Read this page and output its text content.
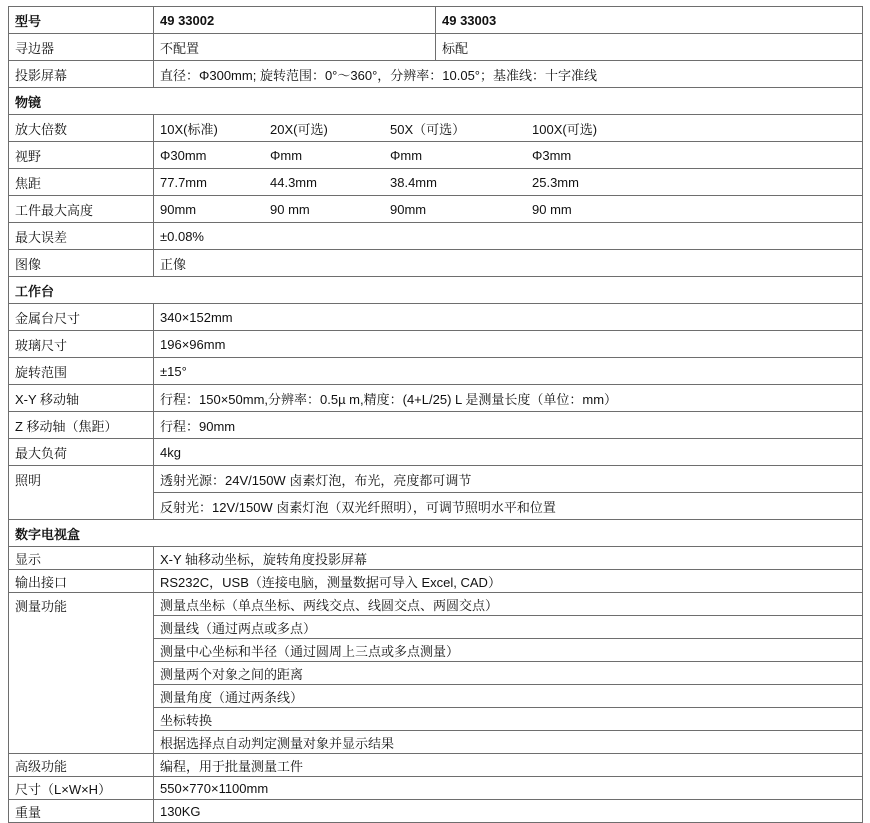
型号	49 33002	49 33003
寻边器	不配置	标配
投影屏幕	直径：Φ300mm; 旋转范围：0°～360°，分辨率：10.05°；基准线：十字准线	
物镜		
放大倍数	10X(标准) 20X(可选) 50X（可选） 100X(可选)	

视野	Φ30mm Φmm Φmm Φ3mm	

焦距	77.7mm 44.3mm 38.4mm 25.3mm	

工件最大高度	90mm 90 mm 90mm 90 mm	

最大误差	±0.08%	
图像	正像	
工作台		
金属台尺寸	340×152mm	
玻璃尺寸	196×96mm	
旋转范围	±15°	
X-Y 移动轴	行程：150×50mm,分辨率：0.5µ m,精度：(4+L/25) L 是测量长度（单位：mm）	
Z 移动轴（焦距）	行程：90mm	
最大负荷	4kg	
照明	透射光源：24V/150W 卤素灯泡，布光，亮度都可调节	
	反射光：12V/150W 卤素灯泡（双光纤照明），可调节照明水平和位置	
数字电视盒		
显示	X-Y 轴移动坐标，旋转角度投影屏幕	
输出接口	RS232C，USB（连接电脑，测量数据可导入 Excel, CAD）	
测量功能	测量点坐标（单点坐标、两线交点、线圆交点、两圆交点）	
	测量线（通过两点或多点）	
	测量中心坐标和半径（通过圆周上三点或多点测量）	
	测量两个对象之间的距离	
	测量角度（通过两条线）	
	坐标转换	
	根据选择点自动判定测量对象并显示结果	
高级功能	编程，用于批量测量工件	
尺寸（L×W×H）	550×770×1100mm	
重量	130KG	
